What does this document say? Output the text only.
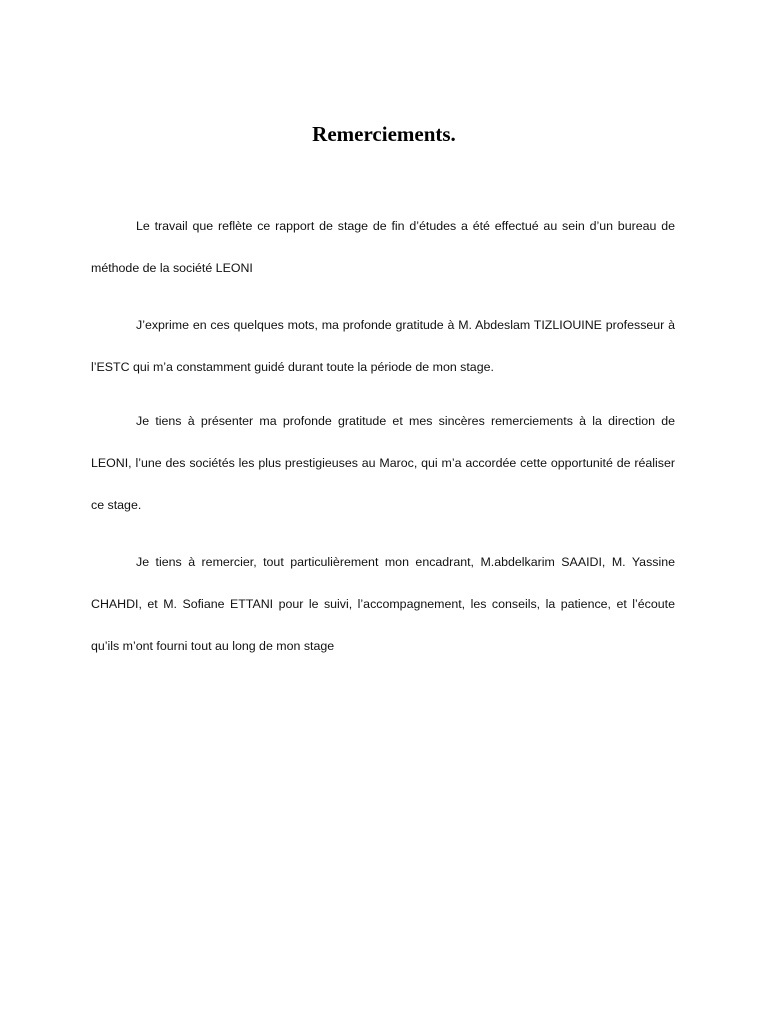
Remerciements.

Le travail que reflète ce rapport de stage de fin d’études a été effectué au sein d’un bureau de méthode de la société LEONI

J’exprime en ces quelques mots, ma profonde gratitude à M. Abdeslam TIZLIOUINE professeur à l’ESTC qui m’a constamment guidé durant toute la période de mon stage.

Je tiens à présenter ma profonde gratitude et mes sincères remerciements à la direction de LEONI, l’une des sociétés les plus prestigieuses au Maroc, qui m’a accordée cette opportunité de réaliser ce stage.

Je tiens à remercier, tout particulièrement mon encadrant, M.abdelkarim SAAIDI, M. Yassine CHAHDI, et M. Sofiane ETTANI pour le suivi, l’accompagnement, les conseils, la patience, et l’écoute qu’ils m’ont fourni tout au long de mon stage
